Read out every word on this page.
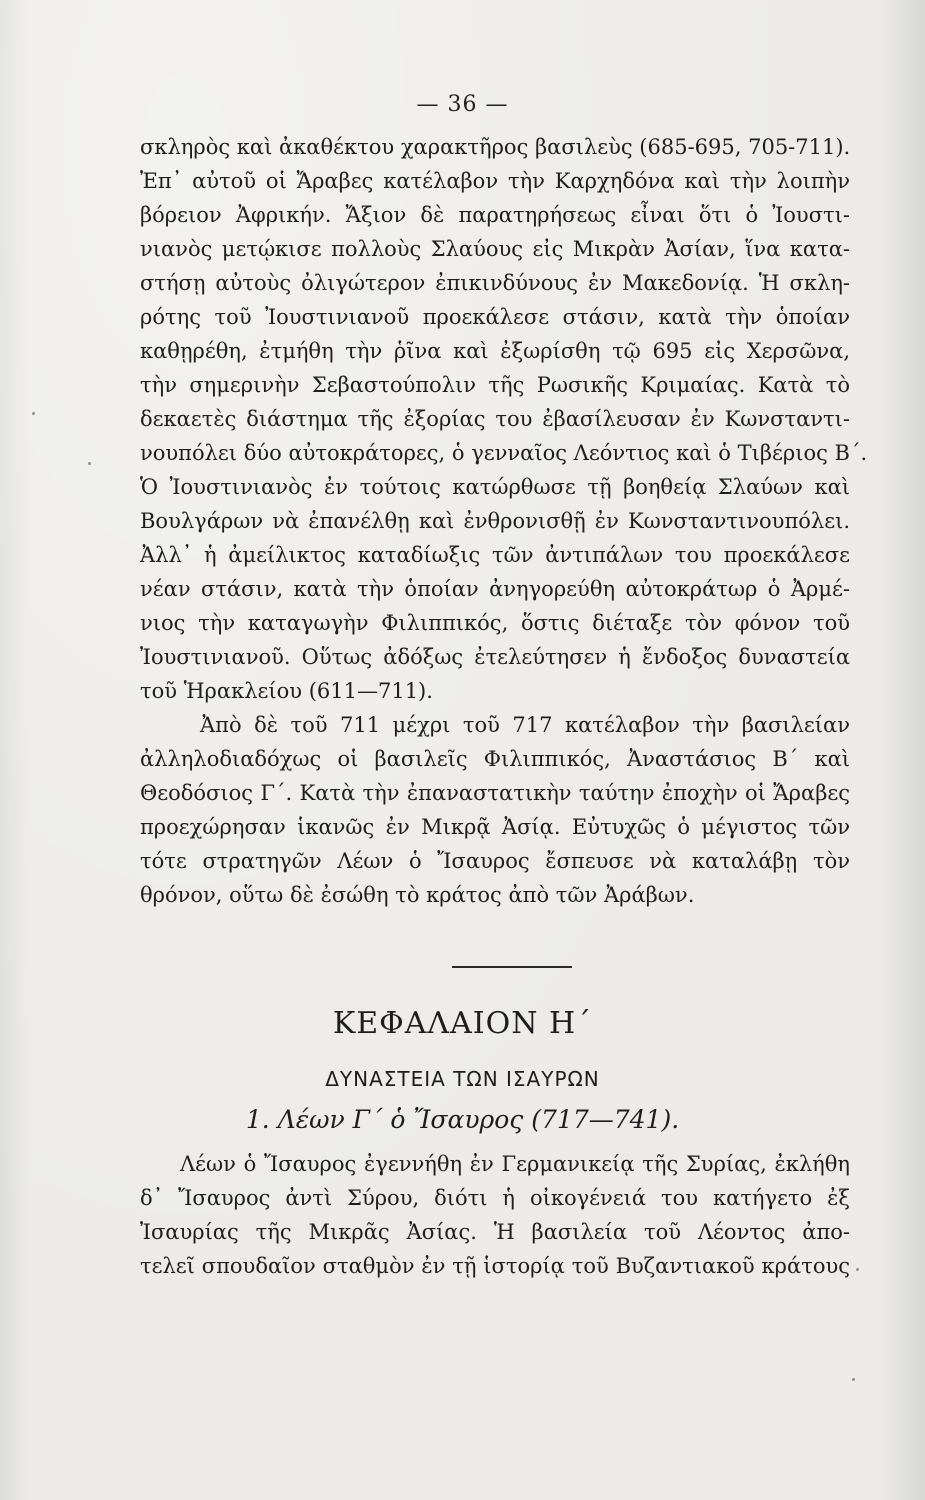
— 36 —
σκληρὸς καὶ ἀκαθέκτου χαρακτῆρος βασιλεὺς (685-695, 705-711).
Ἐπ᾽ αὐτοῦ οἱ Ἄραβες κατέλαβον τὴν Καρχηδόνα καὶ τὴν λοιπὴν
βόρειον Ἀφρικήν. Ἄξιον δὲ παρατηρήσεως εἶναι ὅτι ὁ Ἰουστι-
νιανὸς μετῴκισε πολλοὺς Σλαύους εἰς Μικρὰν Ἀσίαν, ἵνα κατα-
στήσῃ αὐτοὺς ὀλιγώτερον ἐπικινδύνους ἐν Μακεδονίᾳ. Ἡ σκλη-
ρότης τοῦ Ἰουστινιανοῦ προεκάλεσε στάσιν, κατὰ τὴν ὁποίαν
καθῃρέθη, ἐτμήθη τὴν ῥῖνα καὶ ἐξωρίσθη τῷ 695 εἰς Χερσῶνα,
τὴν σημερινὴν Σεβαστούπολιν τῆς Ρωσικῆς Κριμαίας. Κατὰ τὸ
δεκαετὲς διάστημα τῆς ἐξορίας του ἐβασίλευσαν ἐν Κωνσταντι-
νουπόλει δύο αὐτοκράτορες, ὁ γενναῖος Λεόντιος καὶ ὁ Τιβέριος Β΄.
Ὁ Ἰουστινιανὸς ἐν τούτοις κατώρθωσε τῇ βοηθείᾳ Σλαύων καὶ
Βουλγάρων νὰ ἐπανέλθῃ καὶ ἐνθρονισθῇ ἐν Κωνσταντινουπόλει.
Ἀλλ᾽ ἡ ἀμείλικτος καταδίωξις τῶν ἀντιπάλων του προεκάλεσε
νέαν στάσιν, κατὰ τὴν ὁποίαν ἀνηγορεύθη αὐτοκράτωρ ὁ Ἀρμέ-
νιος τὴν καταγωγὴν Φιλιππικός, ὅστις διέταξε τὸν φόνον τοῦ
Ἰουστινιανοῦ. Οὕτως ἀδόξως ἐτελεύτησεν ἡ ἔνδοξος δυναστεία
τοῦ Ἡρακλείου (611—711).
Ἀπὸ δὲ τοῦ 711 μέχρι τοῦ 717 κατέλαβον τὴν βασιλείαν
ἀλληλοδιαδόχως οἱ βασιλεῖς Φιλιππικός, Ἀναστάσιος Β΄ καὶ
Θεοδόσιος Γ΄. Κατὰ τὴν ἐπαναστατικὴν ταύτην ἐποχὴν οἱ Ἄραβες
προεχώρησαν ἱκανῶς ἐν Μικρᾷ Ἀσίᾳ. Εὐτυχῶς ὁ μέγιστος τῶν
τότε στρατηγῶν Λέων ὁ Ἴσαυρος ἔσπευσε νὰ καταλάβῃ τὸν
θρόνον, οὕτω δὲ ἐσώθη τὸ κράτος ἀπὸ τῶν Ἀράβων.
ΚΕΦΑΛΑΙΟΝ Η΄
ΔΥΝΑΣΤΕΙΑ ΤΩΝ ΙΣΑΥΡΩΝ
1. Λέων Γ΄ ὁ Ἴσαυρος (717—741).
Λέων ὁ Ἴσαυρος ἐγεννήθη ἐν Γερμανικείᾳ τῆς Συρίας, ἐκλήθη
δ᾽ Ἴσαυρος ἀντὶ Σύρου, διότι ἡ οἰκογένειά του κατήγετο ἐξ
Ἰσαυρίας τῆς Μικρᾶς Ἀσίας. Ἡ βασιλεία τοῦ Λέοντος ἀπο-
τελεῖ σπουδαῖον σταθμὸν ἐν τῇ ἱστορίᾳ τοῦ Βυζαντιακοῦ κράτους
